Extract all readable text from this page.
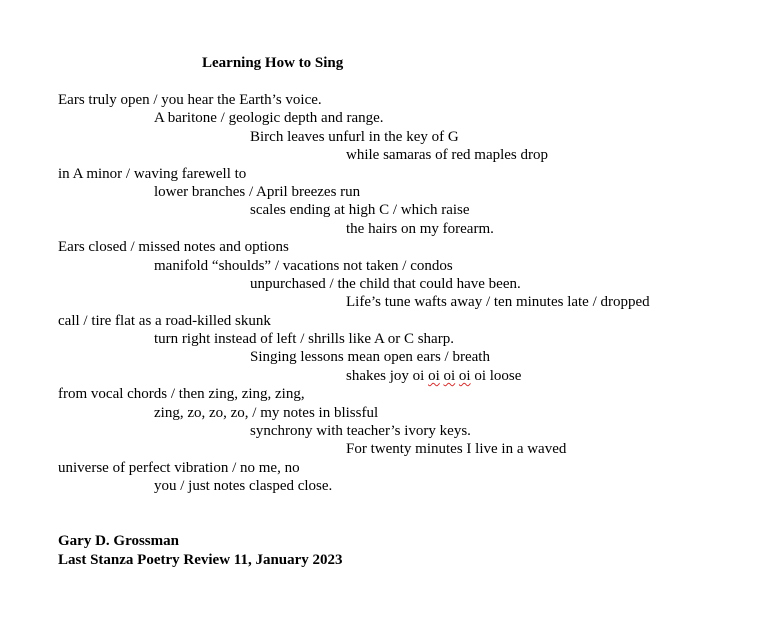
Learning How to Sing
Ears truly open / you hear the Earth’s voice.
A baritone / geologic depth and range.
Birch leaves unfurl in the key of G
while samaras of red maples drop
in A minor / waving farewell to
lower branches / April breezes run
scales ending at high C / which raise
the hairs on my forearm.
Ears closed / missed notes and options
manifold “shoulds” / vacations not taken / condos
unpurchased / the child that could have been.
Life’s tune wafts away / ten minutes late / dropped
call / tire flat as a road-killed skunk
turn right instead of left / shrills like A or C sharp.
Singing lessons mean open ears / breath
shakes joy oi oi oi oi oi loose
from vocal chords / then zing, zing, zing,
zing, zo, zo, zo, / my notes in blissful
synchrony with teacher’s ivory keys.
For twenty minutes I live in a waved
universe of perfect vibration / no me, no
you / just notes clasped close.
Gary D. Grossman
Last Stanza Poetry Review 11, January 2023
